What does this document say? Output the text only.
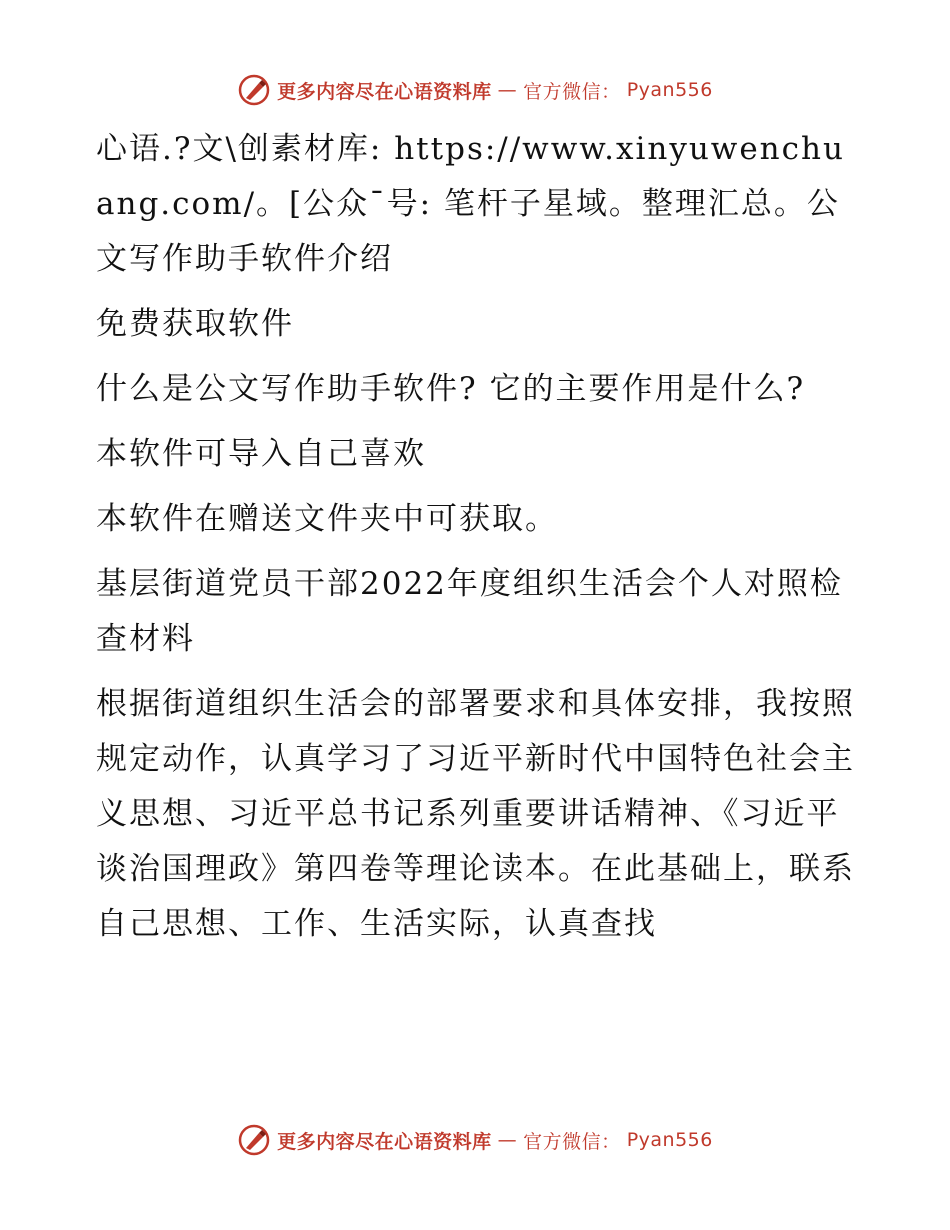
更多内容尽在心语资料库 — 官方微信： Pyan556

心语.?文\创素材库: https://www.xinyuwenchuang.com/。[公众¯号: 笔杆子星域。整理汇总。公文写作助手软件介绍

免费获取软件

什么是公文写作助手软件? 它的主要作用是什么?

本软件可导入自己喜欢

本软件在赠送文件夹中可获取。

基层街道党员干部2022年度组织生活会个人对照检查材料

根据街道组织生活会的部署要求和具体安排，我按照规定动作，认真学习了习近平新时代中国特色社会主义思想、习近平总书记系列重要讲话精神、《习近平谈治国理政》第四卷等理论读本。在此基础上，联系自己思想、工作、生活实际，认真查找

更多内容尽在心语资料库 — 官方微信： Pyan556
